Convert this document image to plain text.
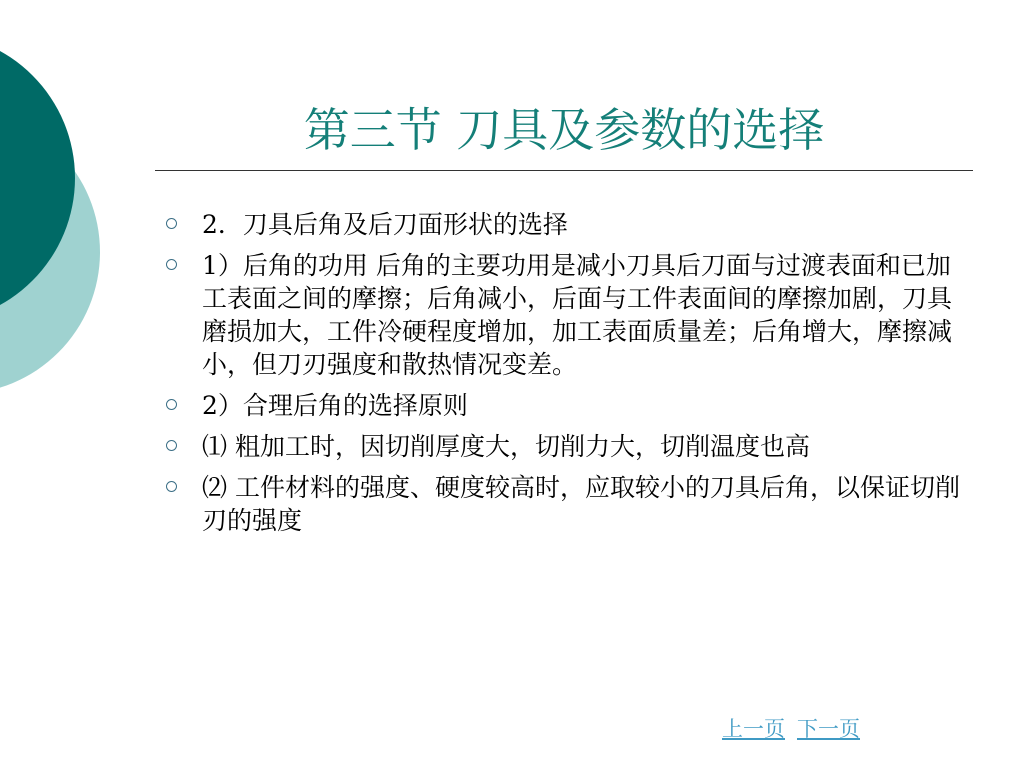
第三节 刀具及参数的选择
2．刀具后角及后刀面形状的选择
1）后角的功用 后角的主要功用是减小刀具后刀面与过渡表面和已加工表面之间的摩擦；后角减小，后面与工件表面间的摩擦加剧，刀具磨损加大，工件冷硬程度增加，加工表面质量差；后角增大，摩擦减小，但刀刃强度和散热情况变差。
2）合理后角的选择原则
⑴ 粗加工时，因切削厚度大，切削力大，切削温度也高
⑵ 工件材料的强度、硬度较高时，应取较小的刀具后角，以保证切削刃的强度
上一页 下一页
